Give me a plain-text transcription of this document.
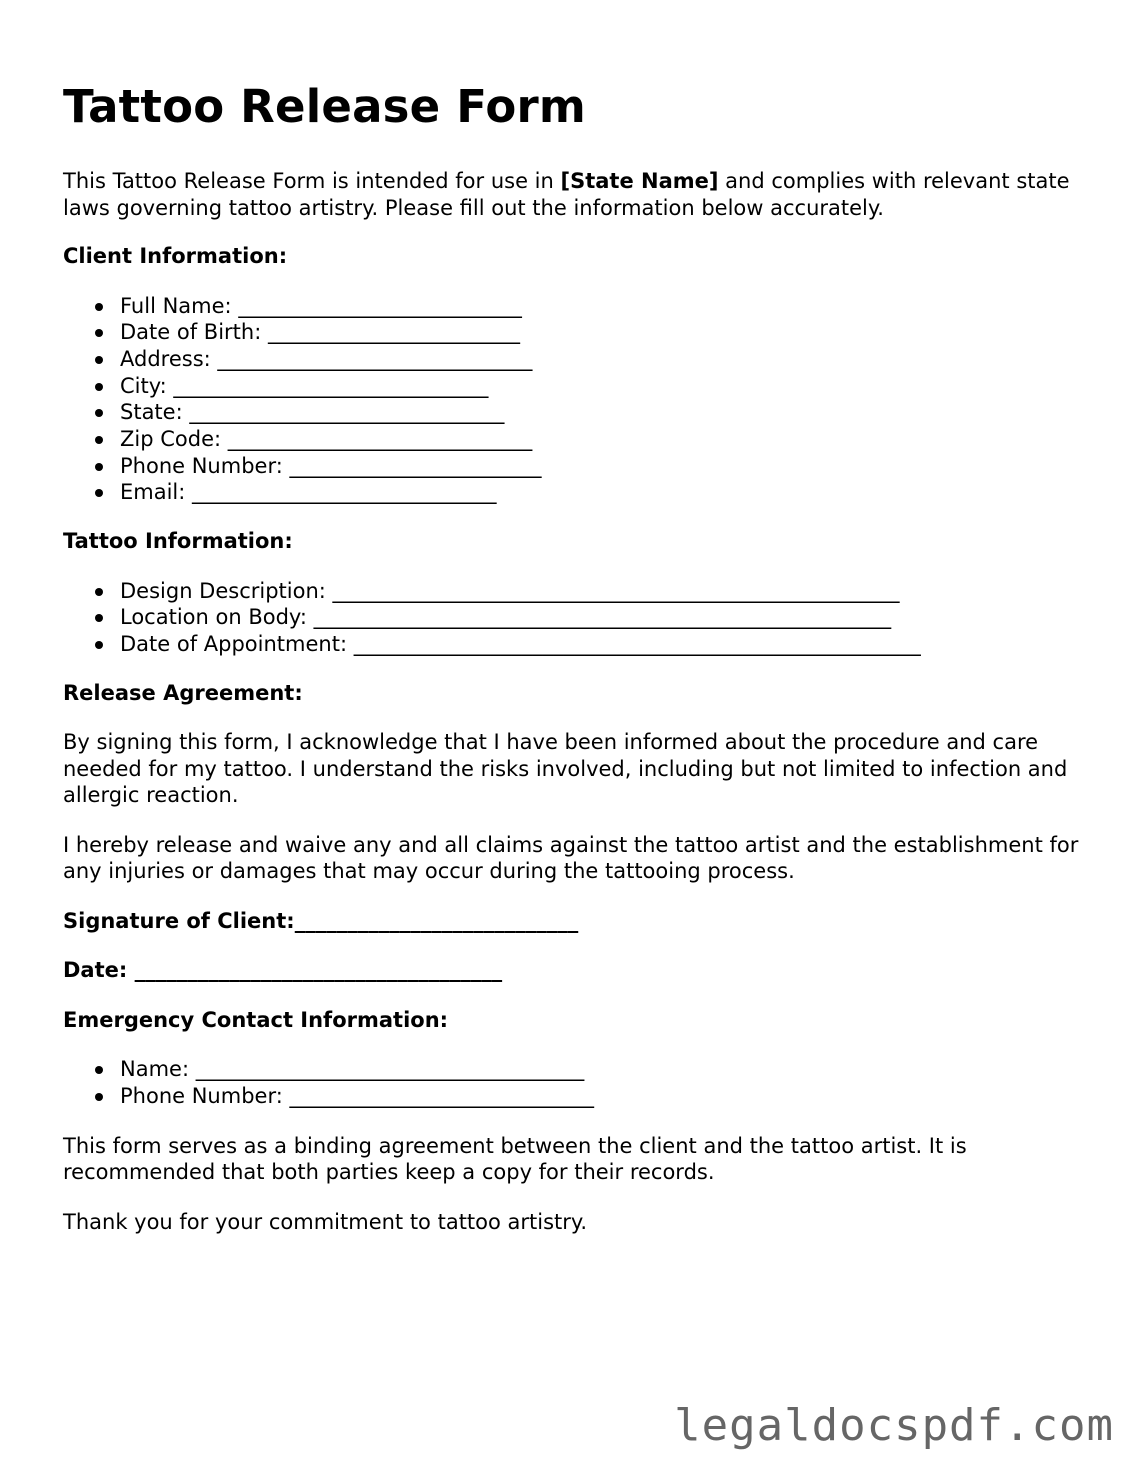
Tattoo Release Form

This Tattoo Release Form is intended for use in [State Name] and complies with relevant state laws governing tattoo artistry. Please fill out the information below accurately.

Client Information:

Full Name: ___________________________
Date of Birth: ________________________
Address: ______________________________
City: ______________________________
State: ______________________________
Zip Code: _____________________________
Phone Number: ________________________
Email: _____________________________

Tattoo Information:

Design Description: ______________________________________________________
Location on Body: _______________________________________________________
Date of Appointment: ______________________________________________________

Release Agreement:

By signing this form, I acknowledge that I have been informed about the procedure and care needed for my tattoo. I understand the risks involved, including but not limited to infection and allergic reaction.

I hereby release and waive any and all claims against the tattoo artist and the establishment for any injuries or damages that may occur during the tattooing process.

Signature of Client:___________________________

Date: ___________________________________

Emergency Contact Information:

Name: _____________________________________
Phone Number: _____________________________

This form serves as a binding agreement between the client and the tattoo artist. It is recommended that both parties keep a copy for their records.

Thank you for your commitment to tattoo artistry.

legaldocspdf.com
